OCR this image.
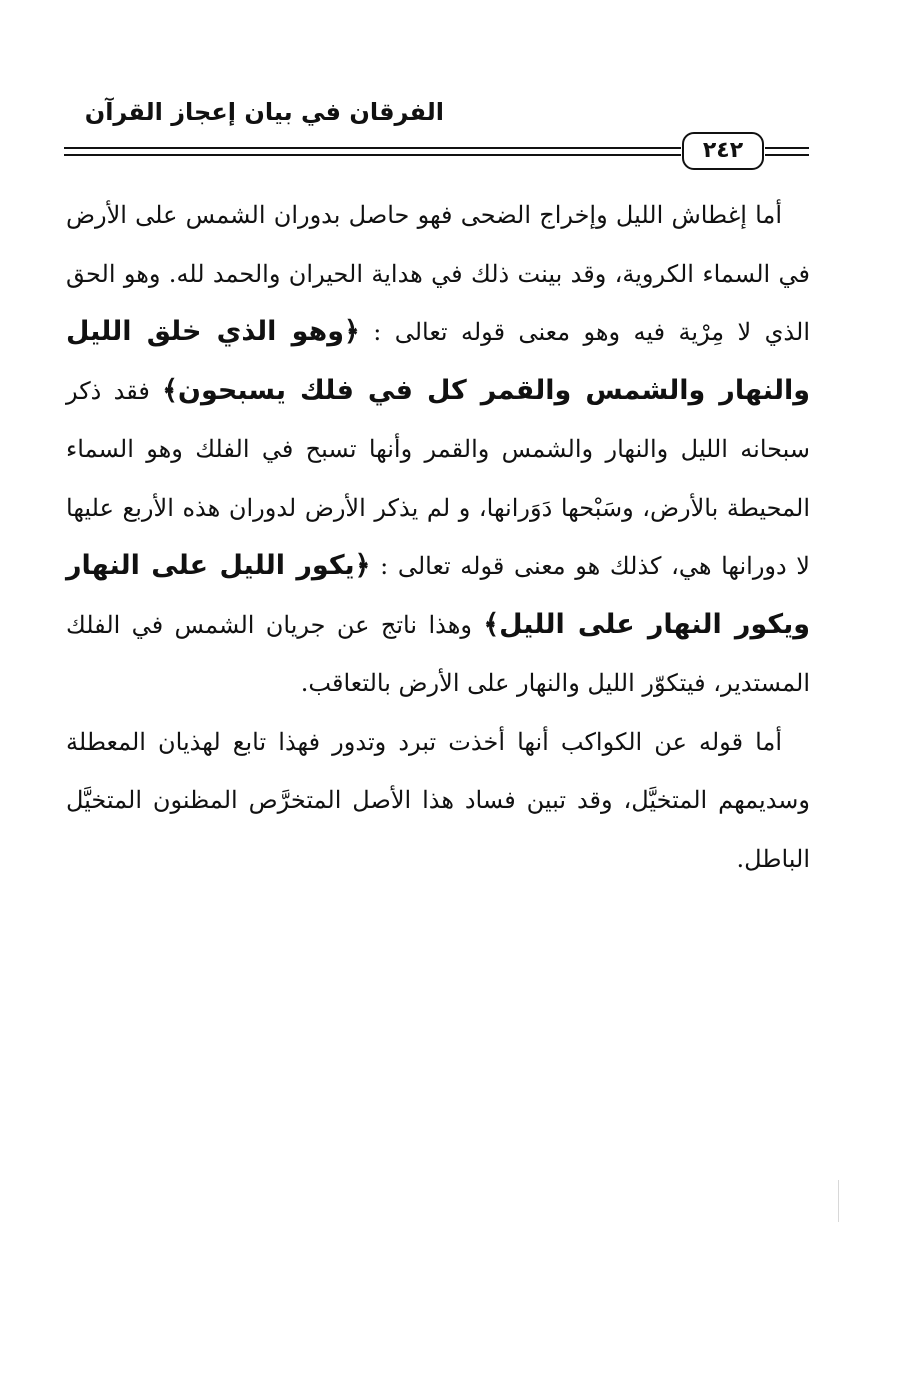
الفرقان في بيان إعجاز القرآن
٢٤٢

أما إغطاش الليل وإخراج الضحى فهو حاصل بدوران الشمس على الأرض في السماء الكروية، وقد بينت ذلك في هداية الحيران والحمد لله. وهو الحق الذي لا مِرْية فيه وهو معنى قوله تعالى : ﴿وهو الذي خلق الليل والنهار والشمس والقمر كل في فلك يسبحون﴾ فقد ذكر سبحانه الليل والنهار والشمس والقمر وأنها تسبح في الفلك وهو السماء المحيطة بالأرض، وسَبْحها دَوَرانها، و لم يذكر الأرض لدوران هذه الأربع عليها لا دورانها هي، كذلك هو معنى قوله تعالى : ﴿يكور الليل على النهار ويكور النهار على الليل﴾ وهذا ناتج عن جريان الشمس في الفلك المستدير، فيتكوّر الليل والنهار على الأرض بالتعاقب.

أما قوله عن الكواكب أنها أخذت تبرد وتدور فهذا تابع لهذيان المعطلة وسديمهم المتخيَّل، وقد تبين فساد هذا الأصل المتخرَّص المظنون المتخيَّل الباطل.
